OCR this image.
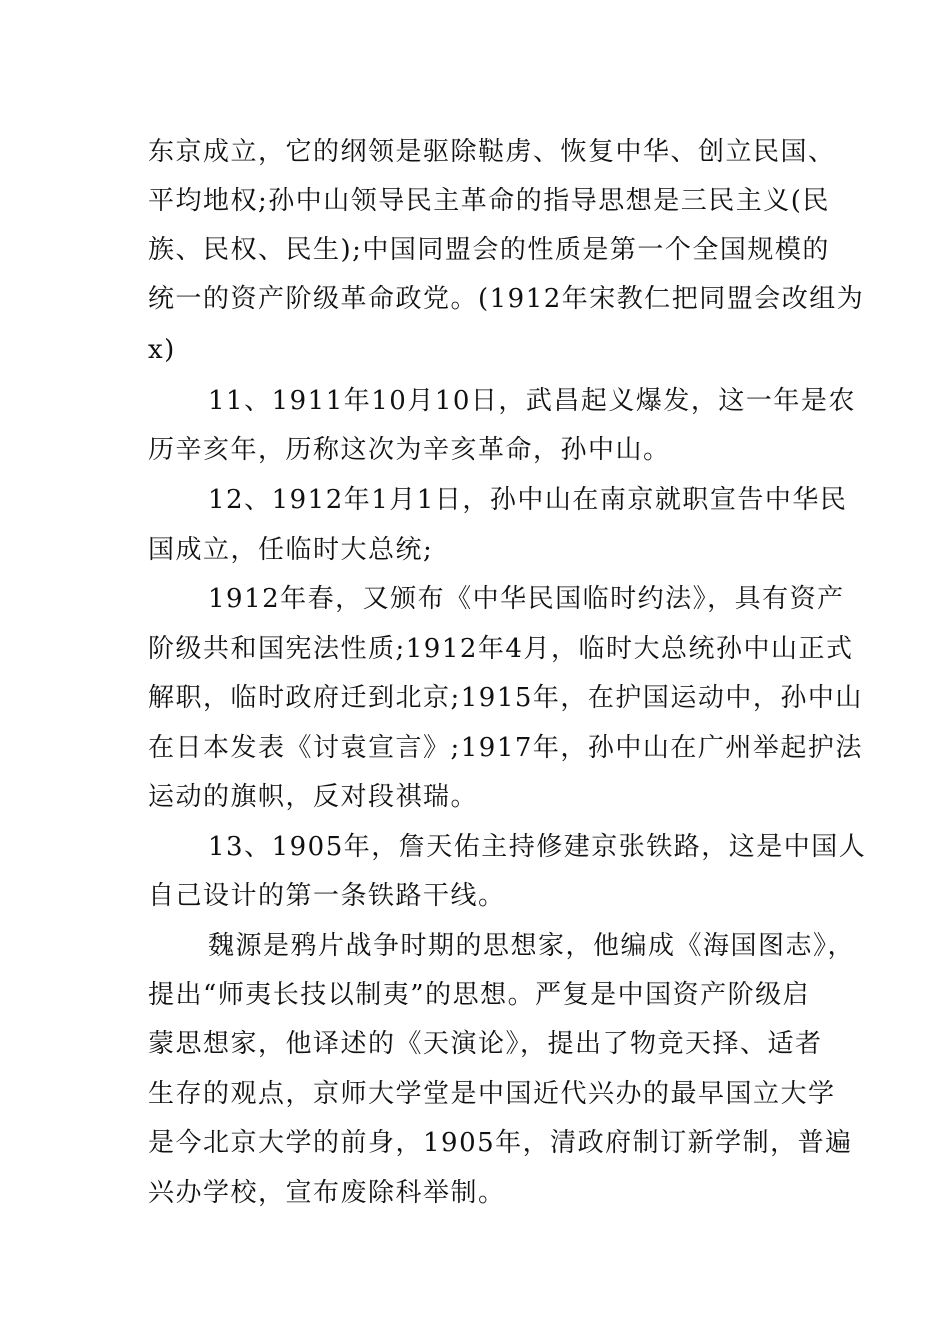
东京成立，它的纲领是驱除鞑虏、恢复中华、创立民国、
平均地权;孙中山领导民主革命的指导思想是三民主义(民
族、民权、民生);中国同盟会的性质是第一个全国规模的
统一的资产阶级革命政党。(1912年宋教仁把同盟会改组为
x)
11、1911年10月10日，武昌起义爆发，这一年是农
历辛亥年，历称这次为辛亥革命，孙中山。
12、1912年1月1日，孙中山在南京就职宣告中华民
国成立，任临时大总统;
1912年春，又颁布《中华民国临时约法》，具有资产
阶级共和国宪法性质;1912年4月，临时大总统孙中山正式
解职，临时政府迁到北京;1915年，在护国运动中，孙中山
在日本发表《讨袁宣言》;1917年，孙中山在广州举起护法
运动的旗帜，反对段祺瑞。
13、1905年，詹天佑主持修建京张铁路，这是中国人
自己设计的第一条铁路干线。
魏源是鸦片战争时期的思想家，他编成《海国图志》，
提出“师夷长技以制夷”的思想。严复是中国资产阶级启
蒙思想家，他译述的《天演论》，提出了物竞天择、适者
生存的观点，京师大学堂是中国近代兴办的最早国立大学
是今北京大学的前身，1905年，清政府制订新学制，普遍
兴办学校，宣布废除科举制。
